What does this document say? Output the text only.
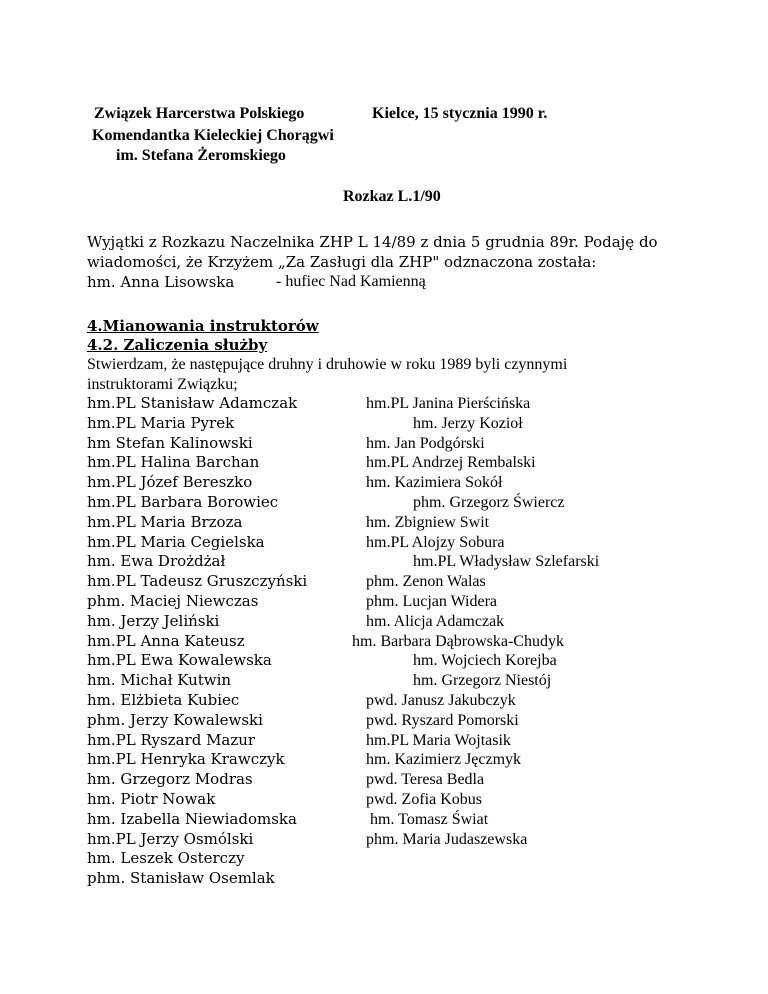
Związek Harcerstwa Polskiego	Kielce, 15 stycznia 1990 r.
Komendantka Kieleckiej Chorągwi
im. Stefana Żeromskiego
Rozkaz L.1/90
Wyjątki z Rozkazu Naczelnika ZHP L 14/89 z dnia 5 grudnia 89r. Podaję do
wiadomości, że Krzyżem „Za Zasługi dla ZHP" odznaczona została:
hm. Anna Lisowska	- hufiec Nad Kamienną
4.Mianowania instruktorów
4.2. Zaliczenia służby
Stwierdzam, że następujące druhny i druhowie w roku 1989 byli czynnymi
instruktorami Związku;
hm.PL Stanisław Adamczak
hm.PL Maria Pyrek
hm Stefan Kalinowski
hm.PL Halina Barchan
hm.PL Józef Bereszko
hm.PL Barbara Borowiec
hm.PL Maria Brzoza
hm.PL Maria Cegielska
hm. Ewa Drożdżał
hm.PL Tadeusz Gruszczyński
phm. Maciej Niewczas
hm. Jerzy Jeliński
hm.PL Anna Kateusz
hm.PL Ewa Kowalewska
hm. Michał Kutwin
hm. Elżbieta Kubiec
phm. Jerzy Kowalewski
hm.PL Ryszard Mazur
hm.PL Henryka Krawczyk
hm. Grzegorz Modras
hm. Piotr Nowak
hm. Izabella Niewiadomska
hm.PL Jerzy Osmólski
hm. Leszek Osterczy
phm. Stanisław Osemlak
hm.PL Janina Pierścińska
hm. Jerzy Kozioł
hm. Jan Podgórski
hm.PL Andrzej Rembalski
hm. Kazimiera Sokół
phm. Grzegorz Świercz
hm. Zbigniew Swit
hm.PL Alojzy Sobura
hm.PL Władysław Szlefarski
phm. Zenon Walas
phm. Lucjan Widera
hm. Alicja Adamczak
hm. Barbara Dąbrowska-Chudyk
hm. Wojciech Korejba
hm. Grzegorz Niestój
pwd. Janusz Jakubczyk
pwd. Ryszard Pomorski
hm.PL Maria Wojtasik
hm. Kazimierz Jęczmyk
pwd. Teresa Bedla
pwd. Zofia Kobus
hm. Tomasz Świat
phm. Maria Judaszewska
